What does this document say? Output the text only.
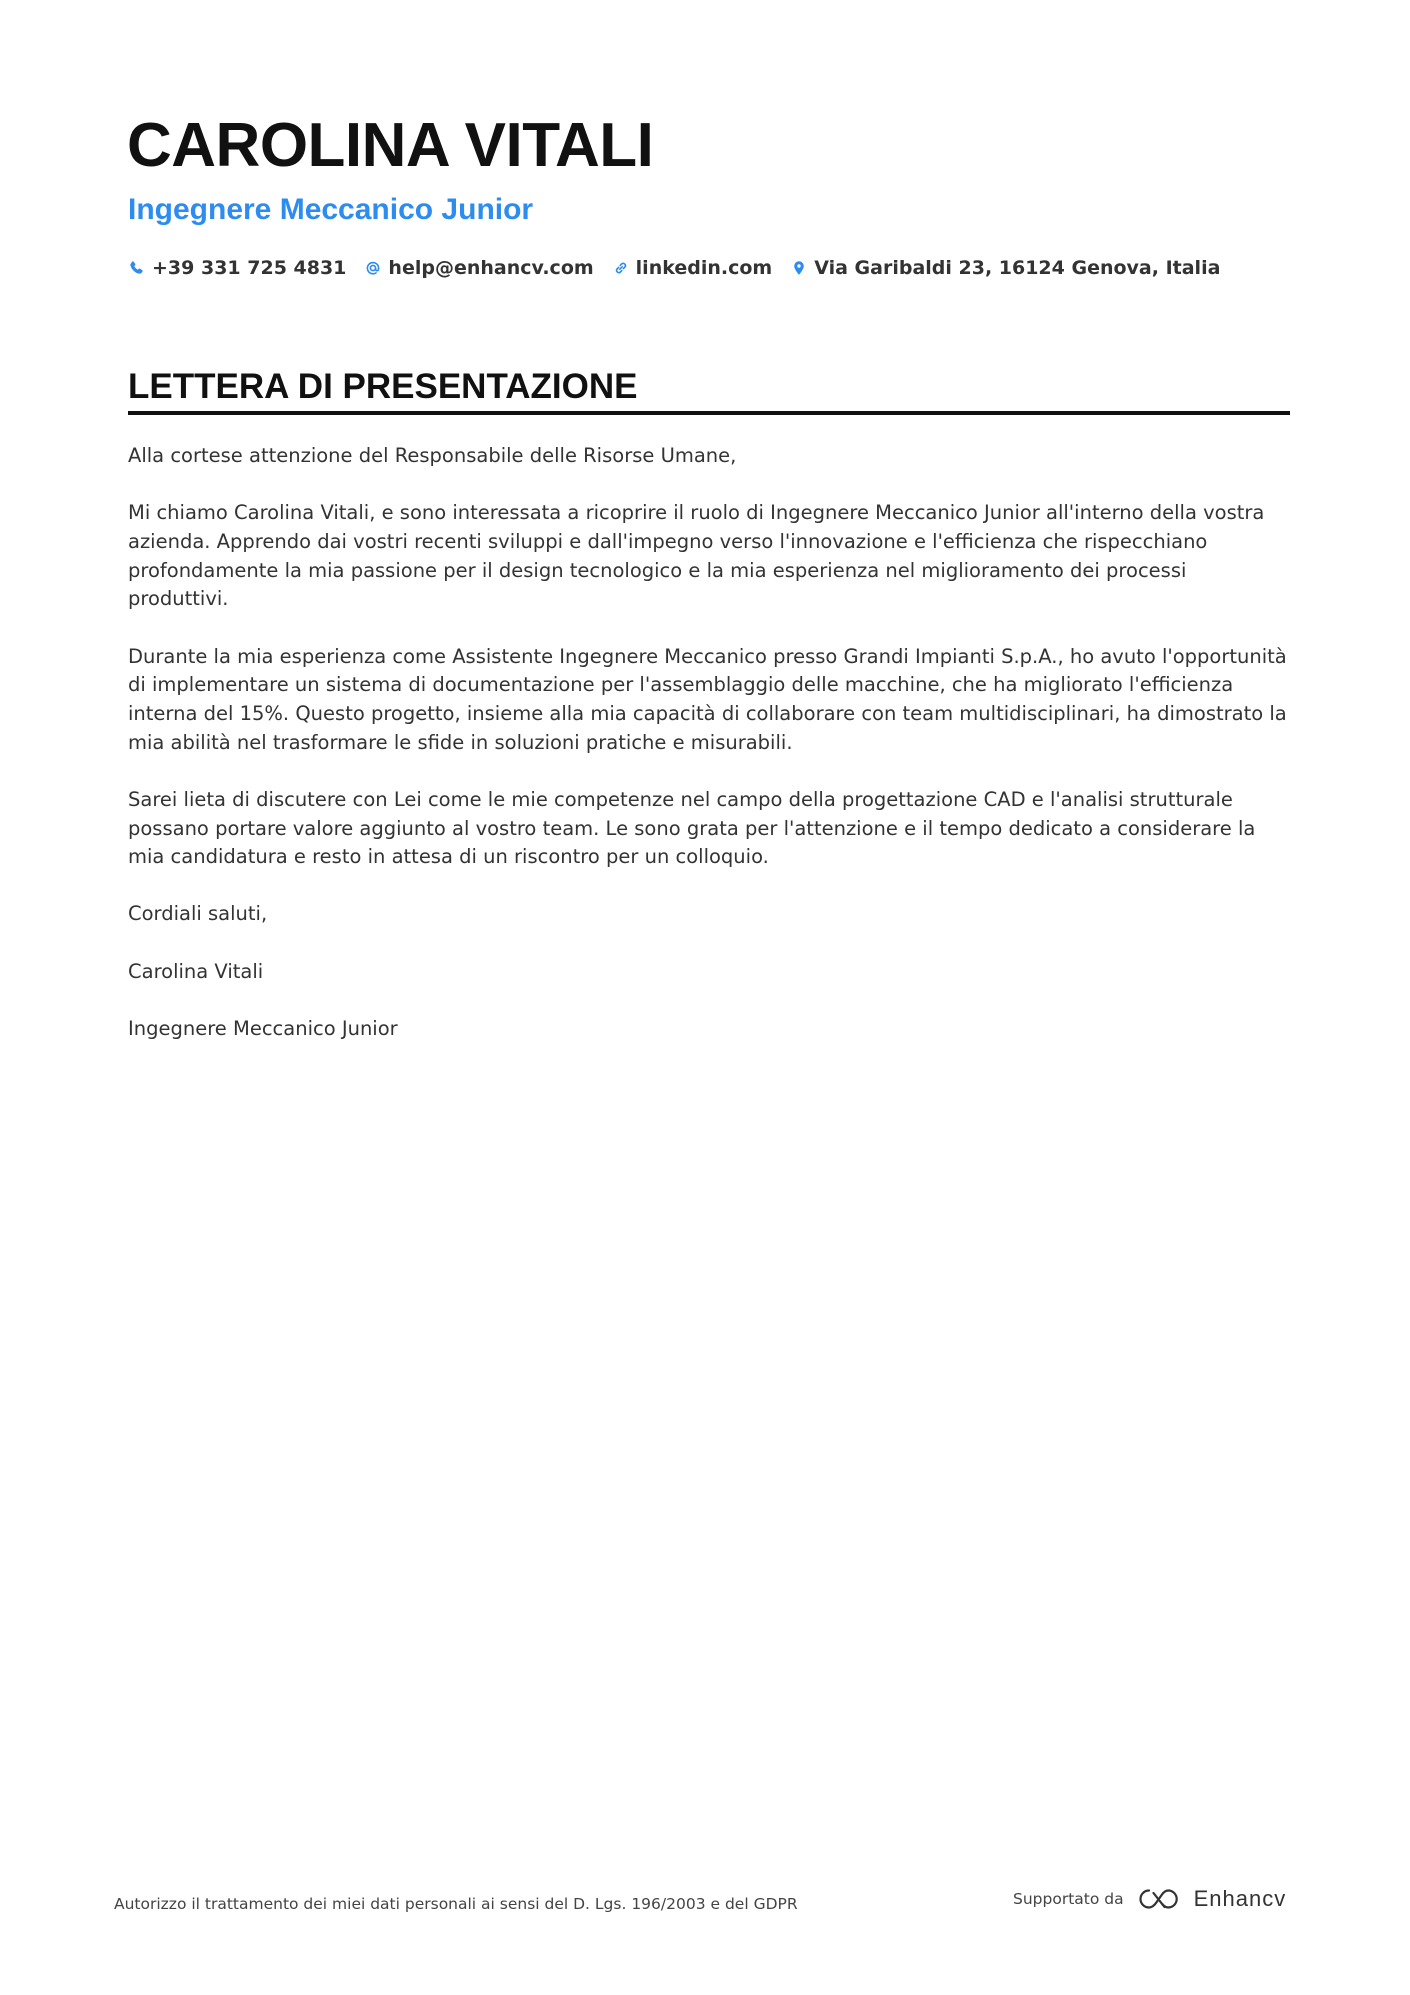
CAROLINA VITALI
Ingegnere Meccanico Junior
+39 331 725 4831 help@enhancv.com linkedin.com Via Garibaldi 23, 16124 Genova, Italia
LETTERA DI PRESENTAZIONE

Alla cortese attenzione del Responsabile delle Risorse Umane,

Mi chiamo Carolina Vitali, e sono interessata a ricoprire il ruolo di Ingegnere Meccanico Junior all'interno della vostra azienda. Apprendo dai vostri recenti sviluppi e dall'impegno verso l'innovazione e l'efficienza che rispecchiano profondamente la mia passione per il design tecnologico e la mia esperienza nel miglioramento dei processi produttivi.

Durante la mia esperienza come Assistente Ingegnere Meccanico presso Grandi Impianti S.p.A., ho avuto l'opportunità di implementare un sistema di documentazione per l'assemblaggio delle macchine, che ha migliorato l'efficienza interna del 15%. Questo progetto, insieme alla mia capacità di collaborare con team multidisciplinari, ha dimostrato la mia abilità nel trasformare le sfide in soluzioni pratiche e misurabili.

Sarei lieta di discutere con Lei come le mie competenze nel campo della progettazione CAD e l'analisi strutturale possano portare valore aggiunto al vostro team. Le sono grata per l'attenzione e il tempo dedicato a considerare la mia candidatura e resto in attesa di un riscontro per un colloquio.

Cordiali saluti,

Carolina Vitali

Ingegnere Meccanico Junior

Autorizzo il trattamento dei miei dati personali ai sensi del D. Lgs. 196/2003 e del GDPR	Supportato da	Enhancv
